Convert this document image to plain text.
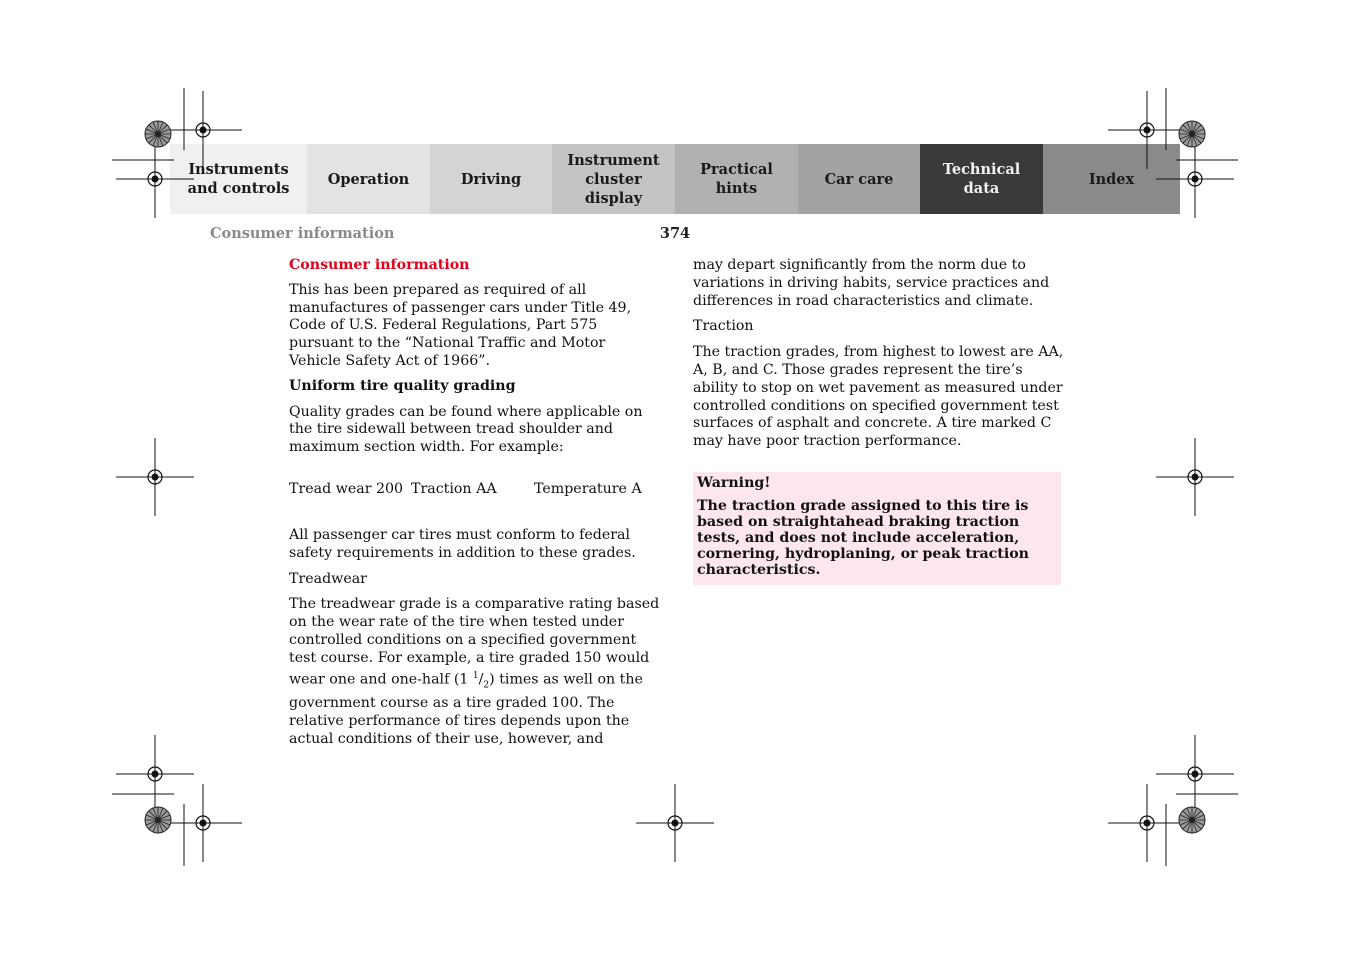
Instruments
and controls
Operation	Driving
Instrument
cluster display
Practical hints
Car care
Technical
data
Index
Consumer information	374

Consumer information

This has been prepared as required of all manufactures of passenger cars under Title 49, Code of U.S. Federal Regulations, Part 575 pursuant to the “National Traffic and Motor Vehicle Safety Act of 1966”.

Uniform tire quality grading

Quality grades can be found where applicable on the tire sidewall between tread shoulder and maximum section width. For example:

Tread wear 200 Traction AA	Temperature A

All passenger car tires must conform to federal safety requirements in addition to these grades.

Treadwear

The treadwear grade is a comparative rating based on the wear rate of the tire when tested under controlled conditions on a specified government test course. For example, a tire graded 150 would wear one and one-half (1 $^1/_2$) times as well on the government course as a tire graded 100. The relative performance of tires depends upon the actual conditions of their use, however, and

may depart significantly from the norm due to variations in driving habits, service practices and differences in road characteristics and climate.

Traction

The traction grades, from highest to lowest are AA, A, B, and C. Those grades represent the tire’s ability to stop on wet pavement as measured under controlled conditions on specified government test surfaces of asphalt and concrete. A tire marked C may have poor traction performance.

Warning!
The traction grade assigned to this tire is based on straightahead braking traction tests, and does not include acceleration, cornering, hydroplaning, or peak traction characteristics.
